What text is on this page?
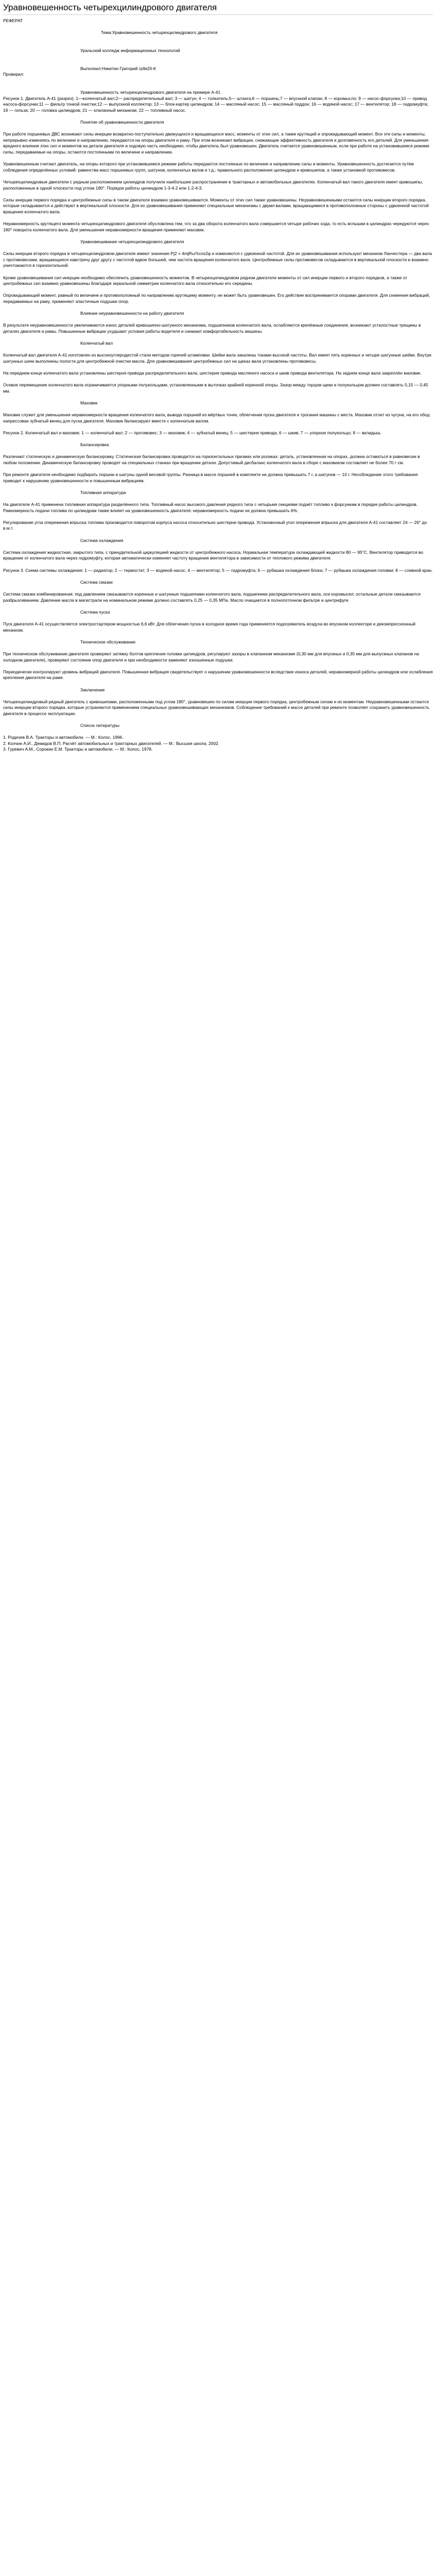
Уравновешенность четырехцилиндрового двигателя

РЕФЕРАТ

Тема:Уравновешенность четырехцилиндрового двигателя

Уральский колледж информационных технологий

Выполнил:Никитин Григорий гр9к20-К

Проверил:

Уравновешенность четырехцилиндрового двигателя на примере А-41

Рисунок 1. Двигатель А-41 (разрез): 1—коленчатый вал;2— распределительный вал; 3 — шатун; 4 — толкатель;5— штанга;6 — поршень;7 — впускной клапан; 8 — коромысло; 9 — насос-форсунка;10 — привод насоса-форсунки;11 — фильтр тонкой очистки;12 — выпускной коллектор; 13 — блок-картер цилиндров; 14 — масляный насос; 15 — масляный поддон; 16 — водяной насос; 17 — вентилятор; 18 — гидромуфта; 19 — гильза; 20 — головка цилиндров; 21 — клапанный механизм; 22 — топливный насос.

Понятие об уравновешенности двигателя

При работе поршневых ДВС возникают силы инерции возвратно-поступательно движущихся и вращающихся масс, моменты от этих сил, а также крутящий и опрокидывающий момент. Все эти силы и моменты, непрерывно изменяясь по величине и направлению, передаются на опоры двигателя и раму. При этом возникают вибрации, снижающие эффективность двигателя и долговечность его деталей. Для уменьшения вредного влияния этих сил и моментов на детали двигателя и ходовую часть необходимо, чтобы двигатель был уравновешен. Двигатель считается уравновешенным, если при работе на установившемся режиме силы, передаваемые на опоры, остаются постоянными по величине и направлению.

Уравновешенным считают двигатель, на опоры которого при установившемся режиме работы передаются постоянные по величине и направлению силы и моменты. Уравновешенность достигается путём соблюдения определённых условий: равенства масс поршневых групп, шатунов, коленчатых валов и т.д.; правильного расположения цилиндров и кривошипов, а также установкой противовесов.

Четырехцилиндровые двигатели с рядным расположением цилиндров получили наибольшее распространение в тракторных и автомобильных двигателях. Коленчатый вал такого двигателя имеет кривошипы, расположенные в одной плоскости под углом 180°. Порядок работы цилиндров 1-3-4-2 или 1-2-4-3.

Силы инерции первого порядка и центробежные силы в таком двигателе взаимно уравновешиваются. Моменты от этих сил также уравновешены. Неуравновешенными остаются силы инерции второго порядка, которые складываются и действуют в вертикальной плоскости. Для их уравновешивания применяют специальные механизмы с двумя валами, вращающимися в противоположные стороны с удвоенной частотой вращения коленчатого вала.

Неравномерность крутящего момента четырехцилиндрового двигателя обусловлена тем, что за два оборота коленчатого вала совершается четыре рабочих хода, то есть вспышки в цилиндрах чередуются через 180° поворота коленчатого вала. Для уменьшения неравномерности вращения применяют маховик.

Уравновешивание четырехцилиндрового двигателя

Силы инерции второго порядка в четырехцилиндровом двигателе имеют значение Pj2 = 4mjRω²λcos2φ и изменяются с удвоенной частотой. Для их уравновешивания используют механизм Ланчестера — два вала с противовесами, вращающиеся навстречу друг другу с частотой вдвое большей, чем частота вращения коленчатого вала. Центробежные силы противовесов складываются в вертикальной плоскости и взаимно уничтожаются в горизонтальной.

Кроме уравновешивания сил инерции необходимо обеспечить уравновешенность моментов. В четырехцилиндровом рядном двигателе моменты от сил инерции первого и второго порядков, а также от центробежных сил взаимно уравновешены благодаря зеркальной симметрии коленчатого вала относительно его середины.

Опрокидывающий момент, равный по величине и противоположный по направлению крутящему моменту, не может быть уравновешен. Его действие воспринимается опорами двигателя. Для снижения вибраций, передаваемых на раму, применяют эластичные подушки опор.

Влияние неуравновешенности на работу двигателя

В результате неуравновешенности увеличиваются износ деталей кривошипно-шатунного механизма, подшипников коленчатого вала, ослабляются крепёжные соединения, возникают усталостные трещины в деталях двигателя и рамы. Повышенные вибрации ухудшают условия работы водителя и снижают комфортабельность машины.

Коленчатый вал

Коленчатый вал двигателя А-41 изготовлен из высокоуглеродистой стали методом горячей штамповки. Шейки вала закалены токами высокой частоты. Вал имеет пять коренных и четыре шатунные шейки. Внутри шатунных шеек выполнены полости для центробежной очистки масла. Для уравновешивания центробежных сил на щеках вала установлены противовесы.

На переднем конце коленчатого вала установлены шестерня привода распределительного вала, шестерня привода масляного насоса и шкив привода вентилятора. На заднем конце вала закреплён маховик.

Осевое перемещение коленчатого вала ограничивается упорными полукольцами, установленными в выточках крайней коренной опоры. Зазор между торцом щеки и полукольцом должен составлять 0,15 — 0,45 мм.

Маховик

Маховик служит для уменьшения неравномерности вращения коленчатого вала, вывода поршней из мёртвых точек, облегчения пуска двигателя и трогания машины с места. Маховик отлит из чугуна, на его обод напрессован зубчатый венец для пуска двигателя. Маховик балансируют вместе с коленчатым валом.

Рисунок 2. Коленчатый вал и маховик: 1 — коленчатый вал; 2 — противовес; 3 — маховик; 4 — зубчатый венец; 5 — шестерня привода; 6 — шкив; 7 — упорное полукольцо; 8 — вкладыш.

Балансировка

Различают статическую и динамическую балансировку. Статическая балансировка проводится на горизонтальных призмах или роликах: деталь, установленная на опорах, должна оставаться в равновесии в любом положении. Динамическую балансировку проводят на специальных станках при вращении детали. Допустимый дисбаланс коленчатого вала в сборе с маховиком составляет не более 70 г·см.

При ремонте двигателя необходимо подбирать поршни и шатуны одной весовой группы. Разница в массе поршней в комплекте не должна превышать 7 г, а шатунов — 10 г. Несоблюдение этого требования приводит к нарушению уравновешенности и повышенным вибрациям.

Топливная аппаратура

На двигателе А-41 применена топливная аппаратура разделённого типа. Топливный насос высокого давления рядного типа с четырьмя секциями подаёт топливо к форсункам в порядке работы цилиндров. Равномерность подачи топлива по цилиндрам также влияет на уравновешенность двигателя: неравномерность подачи не должна превышать 6%.

Регулирование угла опережения впрыска топлива производится поворотом корпуса насоса относительно шестерни привода. Установочный угол опережения впрыска для двигателя А-41 составляет 24 — 26° до в.м.т.

Система охлаждения

Система охлаждения жидкостная, закрытого типа, с принудительной циркуляцией жидкости от центробежного насоса. Нормальная температура охлаждающей жидкости 80 — 95°С. Вентилятор приводится во вращение от коленчатого вала через гидромуфту, которая автоматически изменяет частоту вращения вентилятора в зависимости от теплового режима двигателя.

Рисунок 3. Схема системы охлаждения: 1 — радиатор; 2 — термостат; 3 — водяной насос; 4 — вентилятор; 5 — гидромуфта; 6 — рубашка охлаждения блока; 7 — рубашка охлаждения головки; 8 — сливной кран.

Система смазки

Система смазки комбинированная: под давлением смазываются коренные и шатунные подшипники коленчатого вала, подшипники распределительного вала, оси коромысел; остальные детали смазываются разбрызгиванием. Давление масла в магистрали на номинальном режиме должно составлять 0,25 — 0,35 МПа. Масло очищается в полнопоточном фильтре и центрифуге.

Система пуска

Пуск двигателя А-41 осуществляется электростартером мощностью 6,6 кВт. Для облегчения пуска в холодное время года применяется подогреватель воздуха во впускном коллекторе и декомпрессионный механизм.

Техническое обслуживание

При техническом обслуживании двигателя проверяют затяжку болтов крепления головки цилиндров, регулируют зазоры в клапанном механизме (0,30 мм для впускных и 0,35 мм для выпускных клапанов на холодном двигателе), проверяют состояние опор двигателя и при необходимости заменяют изношенные подушки.

Периодически контролируют уровень вибраций двигателя. Повышенная вибрация свидетельствует о нарушении уравновешенности вследствие износа деталей, неравномерной работы цилиндров или ослабления крепления двигателя на раме.

Заключение

Четырехцилиндровый рядный двигатель с кривошипами, расположенными под углом 180°, уравновешен по силам инерции первого порядка, центробежным силам и их моментам. Неуравновешенными остаются силы инерции второго порядка, которые устраняются применением специальных уравновешивающих механизмов. Соблюдение требований к массе деталей при ремонте позволяет сохранить уравновешенность двигателя в процессе эксплуатации.

Список литературы

1. Родичев В.А. Тракторы и автомобили. — М.: Колос, 1996.

2. Колчин А.И., Демидов В.П. Расчёт автомобильных и тракторных двигателей. — М.: Высшая школа, 2002.

3. Гуревич А.М., Сорокин Е.М. Тракторы и автомобили. — М.: Колос, 1978.
